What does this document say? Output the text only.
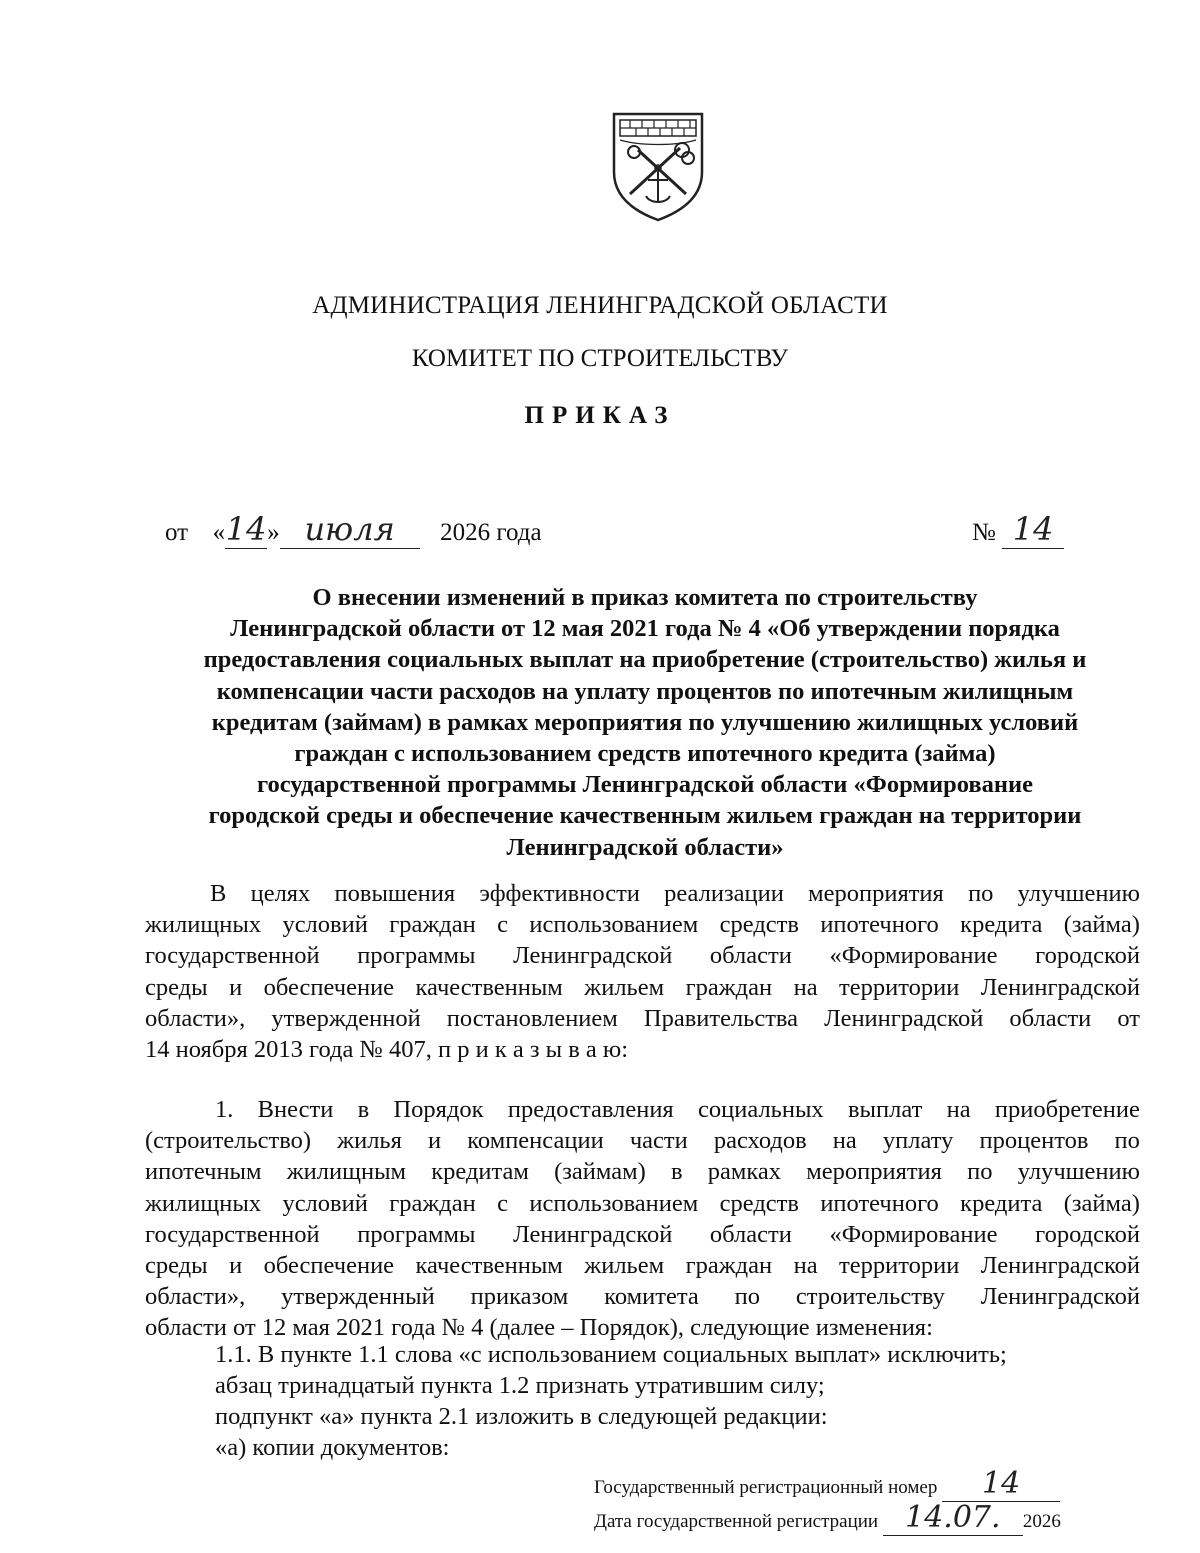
АДМИНИСТРАЦИЯ ЛЕНИНГРАДСКОЙ ОБЛАСТИ
КОМИТЕТ ПО СТРОИТЕЛЬСТВУ
ПРИКАЗ
от «14» июля 2026 года	№ 14
О внесении изменений в приказ комитета по строительству
Ленинградской области от 12 мая 2021 года № 4 «Об утверждении порядка
предоставления социальных выплат на приобретение (строительство) жилья и
компенсации части расходов на уплату процентов по ипотечным жилищным
кредитам (займам) в рамках мероприятия по улучшению жилищных условий
граждан с использованием средств ипотечного кредита (займа)
государственной программы Ленинградской области «Формирование
городской среды и обеспечение качественным жильем граждан на территории
Ленинградской области»
В целях повышения эффективности реализации мероприятия по улучшению
жилищных условий граждан с использованием средств ипотечного кредита (займа)
государственной программы Ленинградской области «Формирование городской
среды и обеспечение качественным жильем граждан на территории Ленинградской
области», утвержденной постановлением Правительства Ленинградской области от
14 ноября 2013 года № 407, п р и к а з ы в а ю:
1. Внести в Порядок предоставления социальных выплат на приобретение
(строительство) жилья и компенсации части расходов на уплату процентов по
ипотечным жилищным кредитам (займам) в рамках мероприятия по улучшению
жилищных условий граждан с использованием средств ипотечного кредита (займа)
государственной программы Ленинградской области «Формирование городской
среды и обеспечение качественным жильем граждан на территории Ленинградской
области», утвержденный приказом комитета по строительству Ленинградской
области от 12 мая 2021 года № 4 (далее – Порядок), следующие изменения:
1.1. В пункте 1.1 слова «с использованием социальных выплат» исключить;
абзац тринадцатый пункта 1.2 признать утратившим силу;
подпункт «а» пункта 2.1 изложить в следующей редакции:
«а) копии документов:
Государственный регистрационный номер 14
Дата государственной регистрации 14.07. 2026
